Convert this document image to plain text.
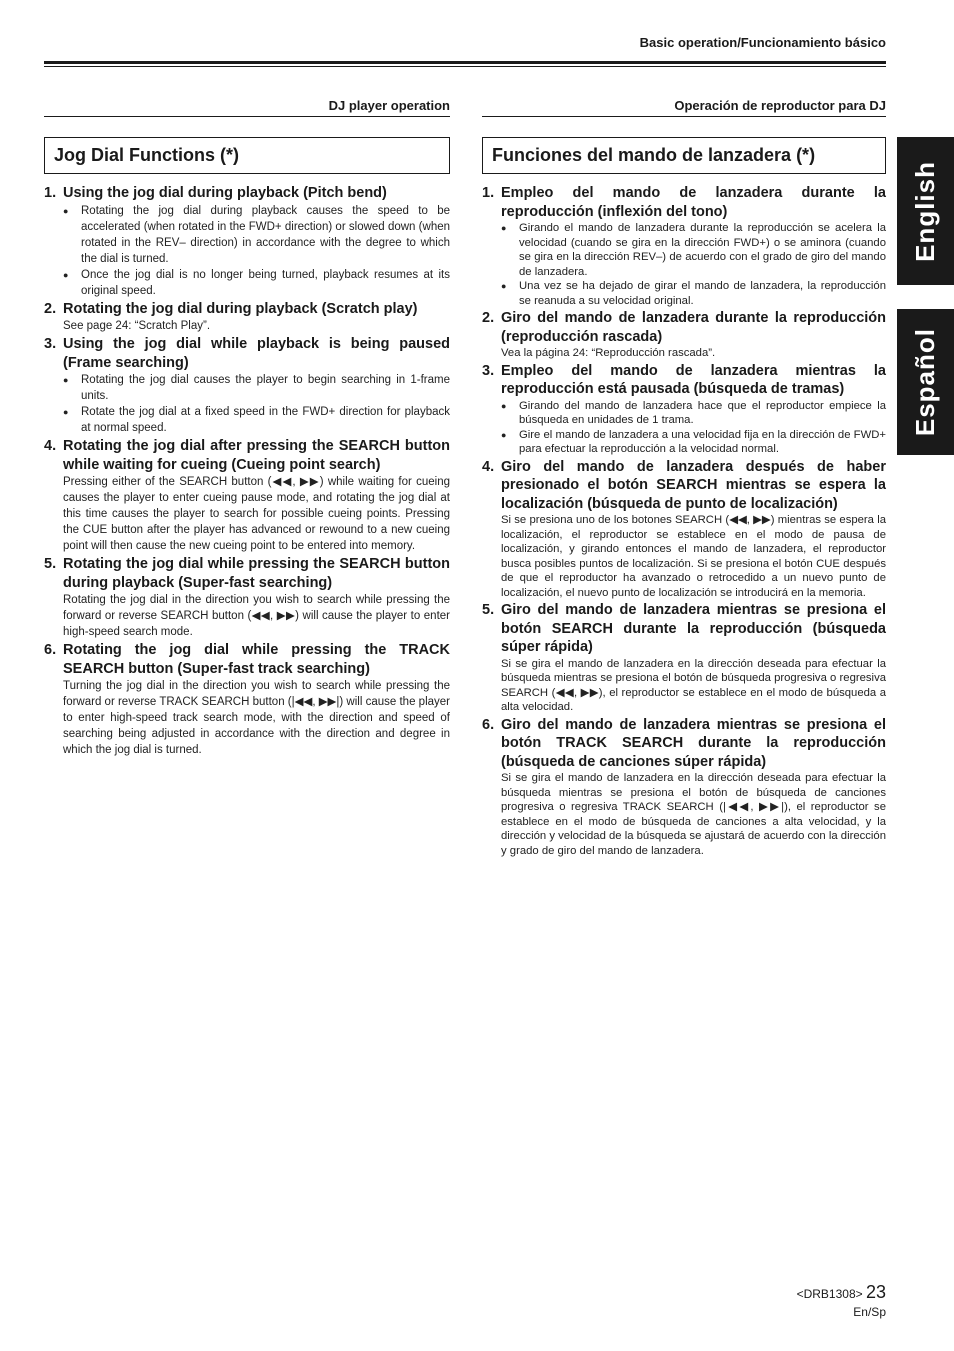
Basic operation/Funcionamiento básico
DJ player operation
Jog Dial Functions (*)
1. Using the jog dial during playback (Pitch bend)
●	Rotating the jog dial during playback causes the speed to be accelerated (when rotated in the FWD+ direction) or slowed down (when rotated in the REV– direction) in accordance with the degree to which the dial is turned.
●	Once the jog dial is no longer being turned, playback resumes at its original speed.
2. Rotating the jog dial during playback (Scratch play)
See page 24: “Scratch Play”.
3. Using the jog dial while playback is being paused (Frame searching)
●	Rotating the jog dial causes the player to begin searching in 1-frame units.
●	Rotate the jog dial at a fixed speed in the FWD+ direction for playback at normal speed.
4. Rotating the jog dial after pressing the SEARCH button while waiting for cueing (Cueing point search)
Pressing either of the SEARCH button (◀◀, ▶▶) while waiting for cueing causes the player to enter cueing pause mode, and rotating the jog dial at this time causes the player to search for possible cueing points. Pressing the CUE button after the player has advanced or rewound to a new cueing point will then cause the new cueing point to be entered into memory.
5. Rotating the jog dial while pressing the SEARCH button during playback (Super-fast searching)
Rotating the jog dial in the direction you wish to search while pressing the forward or reverse SEARCH button (◀◀, ▶▶) will cause the player to enter high-speed search mode.
6. Rotating the jog dial while pressing the TRACK SEARCH button (Super-fast track searching)
Turning the jog dial in the direction you wish to search while pressing the forward or reverse TRACK SEARCH button (|◀◀, ▶▶|) will cause the player to enter high-speed track search mode, with the direction and speed of searching being adjusted in accordance with the direction and degree in which the jog dial is turned.
Operación de reproductor para DJ
Funciones del mando de lanzadera (*)
1. Empleo del mando de lanzadera durante la reproducción (inflexión del tono)
●	Girando el mando de lanzadera durante la reproducción se acelera la velocidad (cuando se gira en la dirección FWD+) o se aminora (cuando se gira en la dirección REV–) de acuerdo con el grado de giro del mando de lanzadera.
●	Una vez se ha dejado de girar el mando de lanzadera, la reproducción se reanuda a su velocidad original.
2. Giro del mando de lanzadera durante la reproducción (reproducción rascada)
Vea la página 24: “Reproducción rascada”.
3. Empleo del mando de lanzadera mientras la reproducción está pausada (búsqueda de tramas)
●	Girando del mando de lanzadera hace que el reproductor empiece la búsqueda en unidades de 1 trama.
●	Gire el mando de lanzadera a una velocidad fija en la dirección de FWD+ para efectuar la reproducción a la velocidad normal.
4. Giro del mando de lanzadera después de haber presionado el botón SEARCH mientras se espera la localización (búsqueda de punto de localización)
Si se presiona uno de los botones SEARCH (◀◀, ▶▶) mientras se espera la localización, el reproductor se establece en el modo de pausa de localización, y girando entonces el mando de lanzadera, el reproductor busca posibles puntos de localización. Si se presiona el botón CUE después de que el reproductor ha avanzado o retrocedido a un nuevo punto de localización, el nuevo punto de localización se introducirá en la memoria.
5. Giro del mando de lanzadera mientras se presiona el botón SEARCH durante la reproducción (búsqueda súper rápida)
Si se gira el mando de lanzadera en la dirección deseada para efectuar la búsqueda mientras se presiona el botón de búsqueda progresiva o regresiva SEARCH (◀◀, ▶▶), el reproductor se establece en el modo de búsqueda a alta velocidad.
6. Giro del mando de lanzadera mientras se presiona el botón TRACK SEARCH durante la reproducción (búsqueda de canciones súper rápida)
Si se gira el mando de lanzadera en la dirección deseada para efectuar la búsqueda mientras se presiona el botón de búsqueda de canciones progresiva o regresiva TRACK SEARCH (|◀◀, ▶▶|), el reproductor se establece en el modo de búsqueda de canciones a alta velocidad, y la dirección y velocidad de la búsqueda se ajustará de acuerdo con la dirección y grado de giro del mando de lanzadera.
English
Español
<DRB1308> 23
En/Sp
